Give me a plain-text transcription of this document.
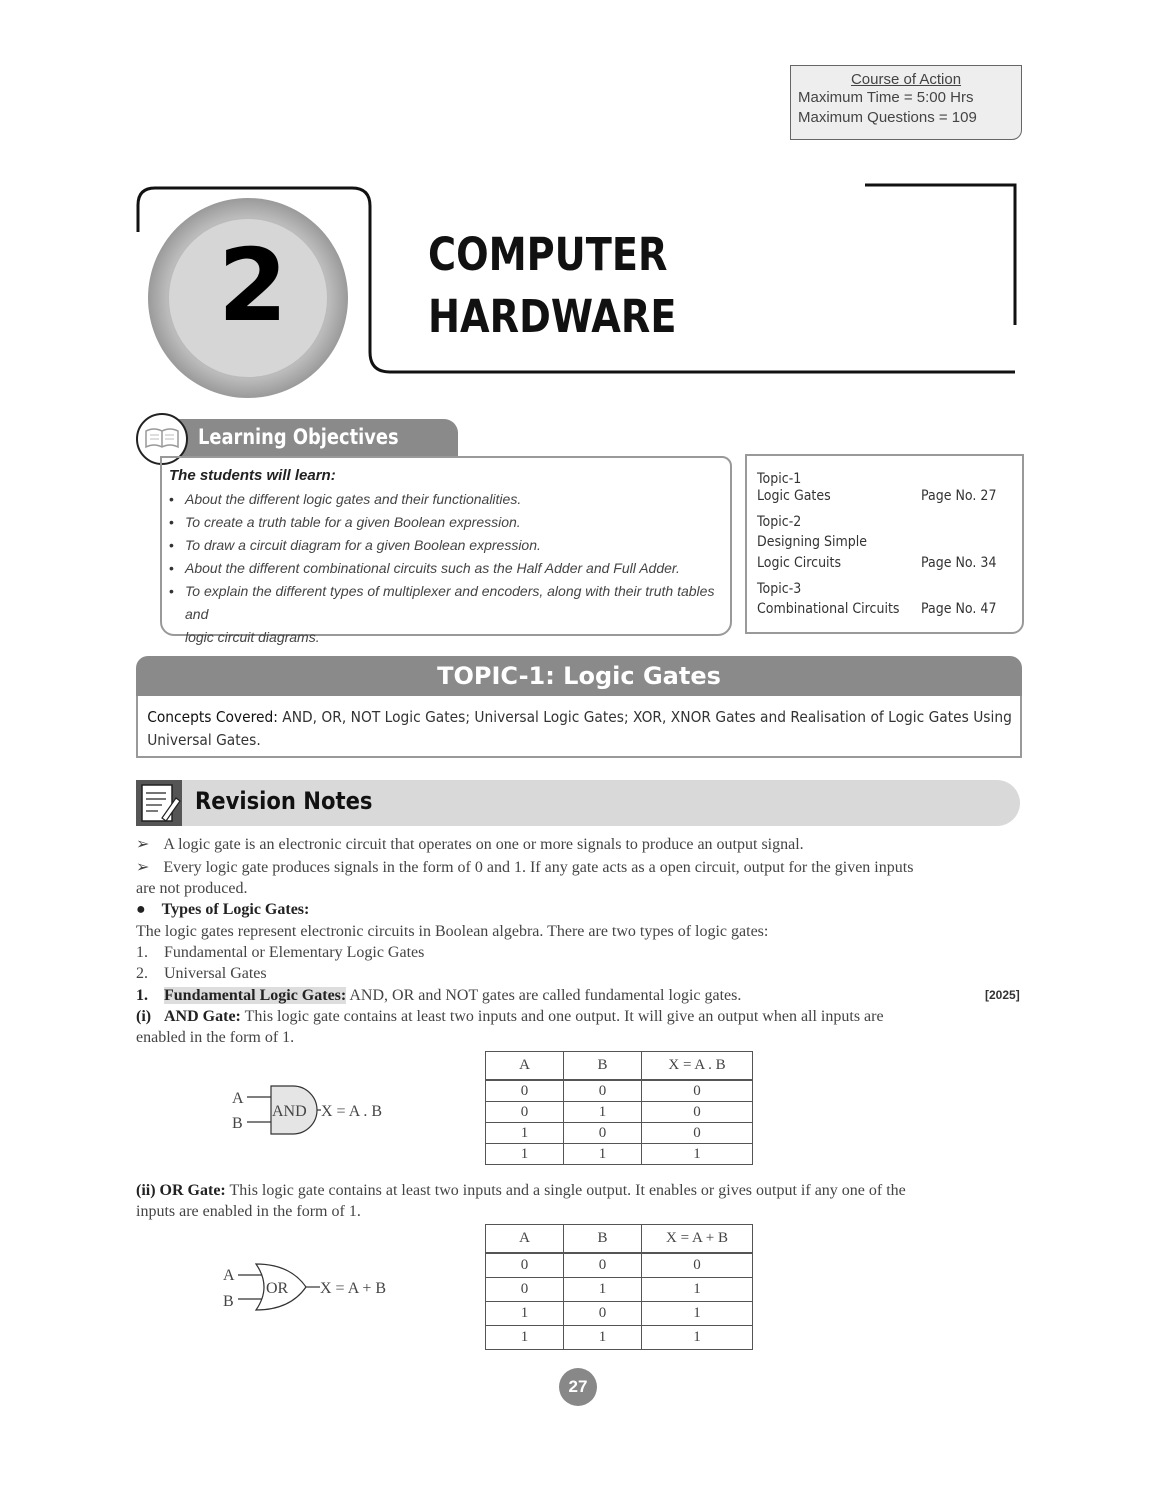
Course of Action
Maximum Time = 5:00 Hrs
Maximum Questions = 109
2	COMPUTER
HARDWARE
Learning Objectives
The students will learn:
• About the different logic gates and their functionalities.
• To create a truth table for a given Boolean expression.
• To draw a circuit diagram for a given Boolean expression.
• About the different combinational circuits such as the Half Adder and Full Adder.
• To explain the different types of multiplexer and encoders, along with their truth tables and
logic circuit diagrams.
Topic-1
Logic Gates	Page No. 27
Topic-2
Designing Simple
Logic Circuits	Page No. 34
Topic-3
Combinational Circuits Page No. 47
TOPIC-1: Logic Gates
Concepts Covered: AND, OR, NOT Logic Gates; Universal Logic Gates; XOR, XNOR Gates and Realisation of Logic Gates Using
Universal Gates.
Revision Notes
➢ A logic gate is an electronic circuit that operates on one or more signals to produce an output signal.
➢ Every logic gate produces signals in the form of 0 and 1. If any gate acts as a open circuit, output for the given inputs
are not produced.
● Types of Logic Gates:
The logic gates represent electronic circuits in Boolean algebra. There are two types of logic gates:
1. Fundamental or Elementary Logic Gates
2. Universal Gates
1. Fundamental Logic Gates: AND, OR and NOT gates are called fundamental logic gates.	[2025]
(i) AND Gate: This logic gate contains at least two inputs and one output. It will give an output when all inputs are
enabled in the form of 1.
A
B
AND X = A . B
A	B	X = A . B
0	0	0
0	1	0
1	0	0
1	1	1
(ii) OR Gate: This logic gate contains at least two inputs and a single output. It enables or gives output if any one of the
inputs are enabled in the form of 1.
A
B
OR X = A + B
A	B	X = A + B
0	0	0
0	1	1
1	0	1
1	1	1
27
